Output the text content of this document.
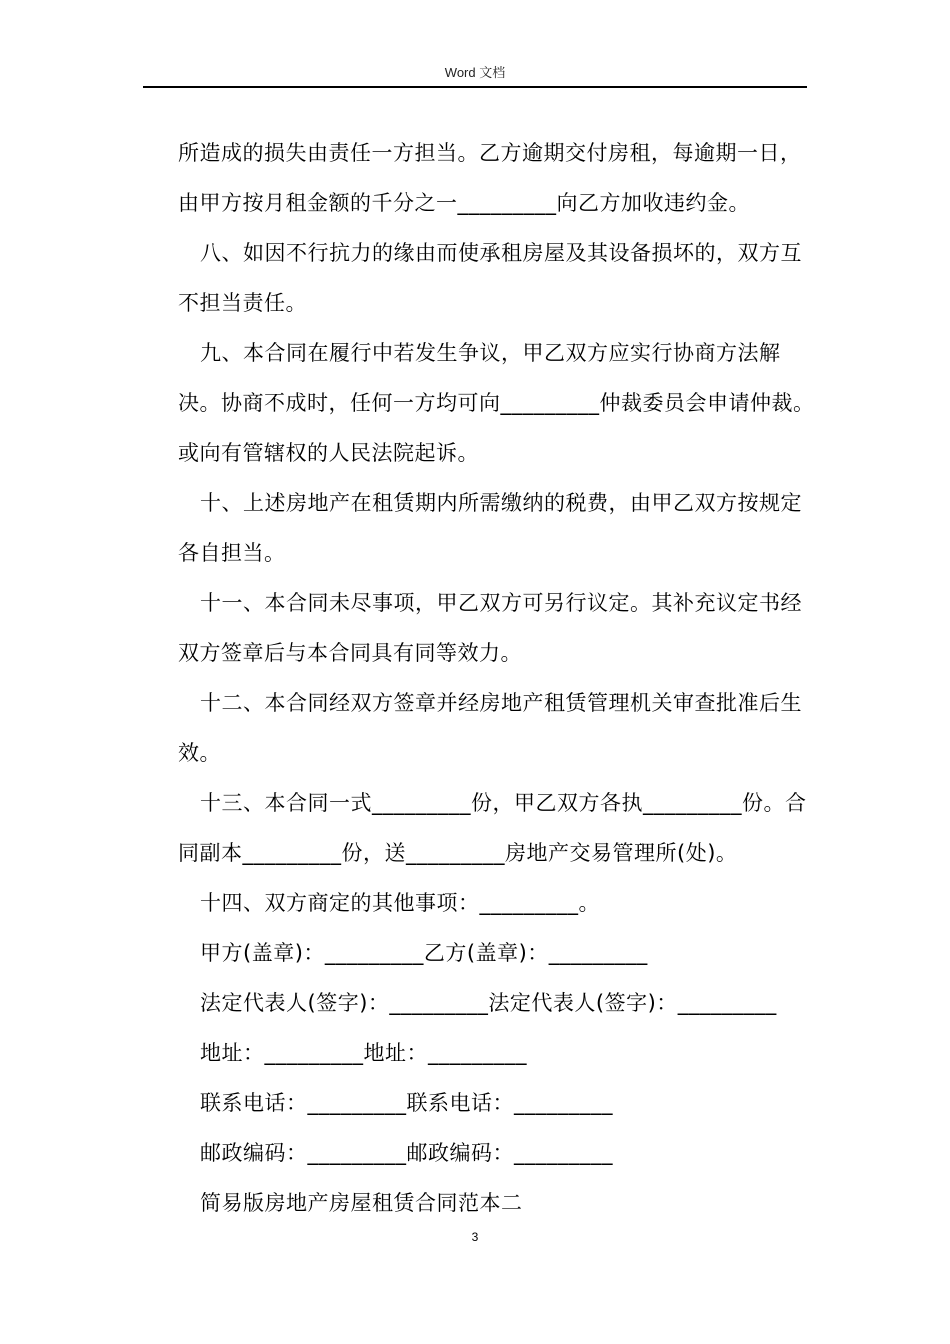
Word 文档

所造成的损失由责任一方担当。乙方逾期交付房租，每逾期一日，由甲方按月租金额的千分之一_________向乙方加收违约金。

八、如因不行抗力的缘由而使承租房屋及其设备损坏的，双方互不担当责任。

九、本合同在履行中若发生争议，甲乙双方应实行协商方法解决。协商不成时，任何一方均可向_________仲裁委员会申请仲裁。或向有管辖权的人民法院起诉。

十、上述房地产在租赁期内所需缴纳的税费，由甲乙双方按规定各自担当。

十一、本合同未尽事项，甲乙双方可另行议定。其补充议定书经双方签章后与本合同具有同等效力。

十二、本合同经双方签章并经房地产租赁管理机关审查批准后生效。

十三、本合同一式_________份，甲乙双方各执_________份。合同副本_________份，送_________房地产交易管理所(处)。

十四、双方商定的其他事项：_________。

甲方(盖章)：_________乙方(盖章)：_________

法定代表人(签字)：_________法定代表人(签字)：_________

地址：_________地址：_________

联系电话：_________联系电话：_________

邮政编码：_________邮政编码：_________

简易版房地产房屋租赁合同范本二

3
